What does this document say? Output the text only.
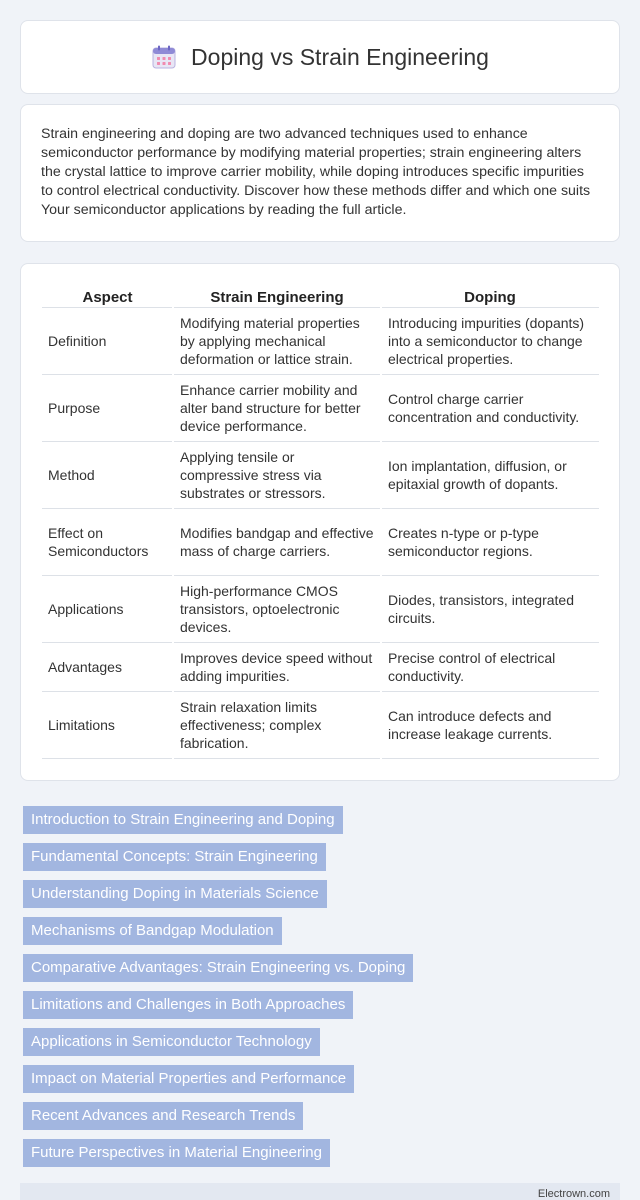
Doping vs Strain Engineering

Strain engineering and doping are two advanced techniques used to enhance semiconductor performance by modifying material properties; strain engineering alters the crystal lattice to improve carrier mobility, while doping introduces specific impurities to control electrical conductivity. Discover how these methods differ and which one suits Your semiconductor applications by reading the full article.

Aspect	Strain Engineering	Doping
Definition	Modifying material properties by applying mechanical deformation or lattice strain.	Introducing impurities (dopants) into a semiconductor to change electrical properties.
Purpose	Enhance carrier mobility and alter band structure for better device performance.	Control charge carrier concentration and conductivity.
Method	Applying tensile or compressive stress via substrates or stressors.	Ion implantation, diffusion, or epitaxial growth of dopants.
Effect on Semiconductors	Modifies bandgap and effective mass of charge carriers.	Creates n-type or p-type semiconductor regions.
Applications	High-performance CMOS transistors, optoelectronic devices.	Diodes, transistors, integrated circuits.
Advantages	Improves device speed without adding impurities.	Precise control of electrical conductivity.
Limitations	Strain relaxation limits effectiveness; complex fabrication.	Can introduce defects and increase leakage currents.
Introduction to Strain Engineering and Doping
Fundamental Concepts: Strain Engineering
Understanding Doping in Materials Science
Mechanisms of Bandgap Modulation
Comparative Advantages: Strain Engineering vs. Doping
Limitations and Challenges in Both Approaches
Applications in Semiconductor Technology
Impact on Material Properties and Performance
Recent Advances and Research Trends
Future Perspectives in Material Engineering
Electrown.com
